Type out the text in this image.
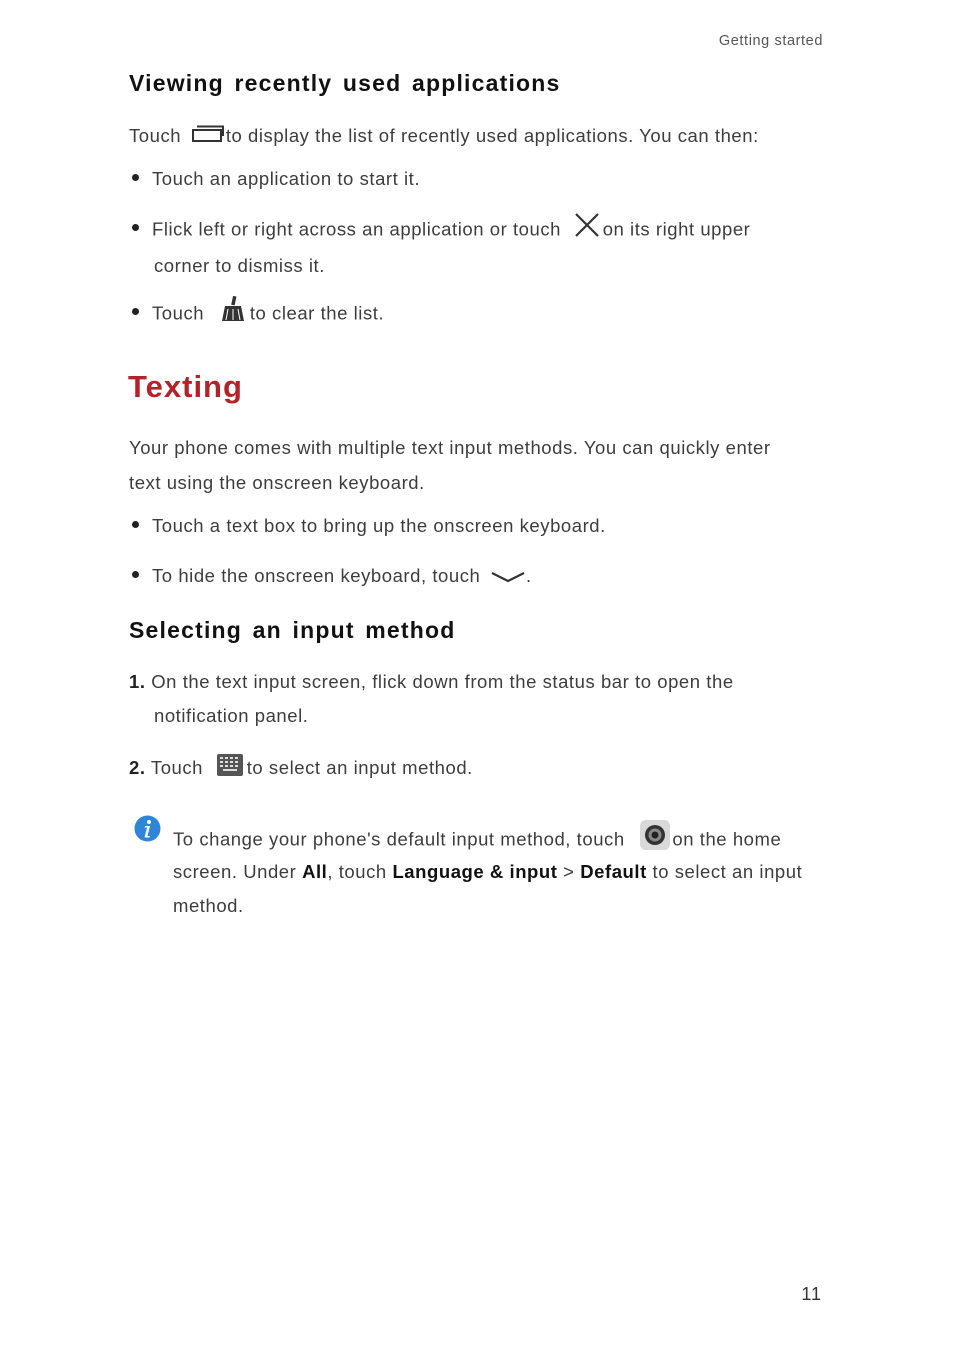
Getting started
Viewing recently used applications
Touch to display the list of recently used applications. You can then:
Touch an application to start it.
Flick left or right across an application or touch on its right upper
corner to dismiss it.
Touch to clear the list.
Texting
Your phone comes with multiple text input methods. You can quickly enter
text using the onscreen keyboard.
Touch a text box to bring up the onscreen keyboard.
To hide the onscreen keyboard, touch .
Selecting an input method
1. On the text input screen, flick down from the status bar to open the
notification panel.
2. Touch to select an input method.
To change your phone's default input method, touch	on the home
screen. Under All, touch Language & input > Default to select an input
method.
11
